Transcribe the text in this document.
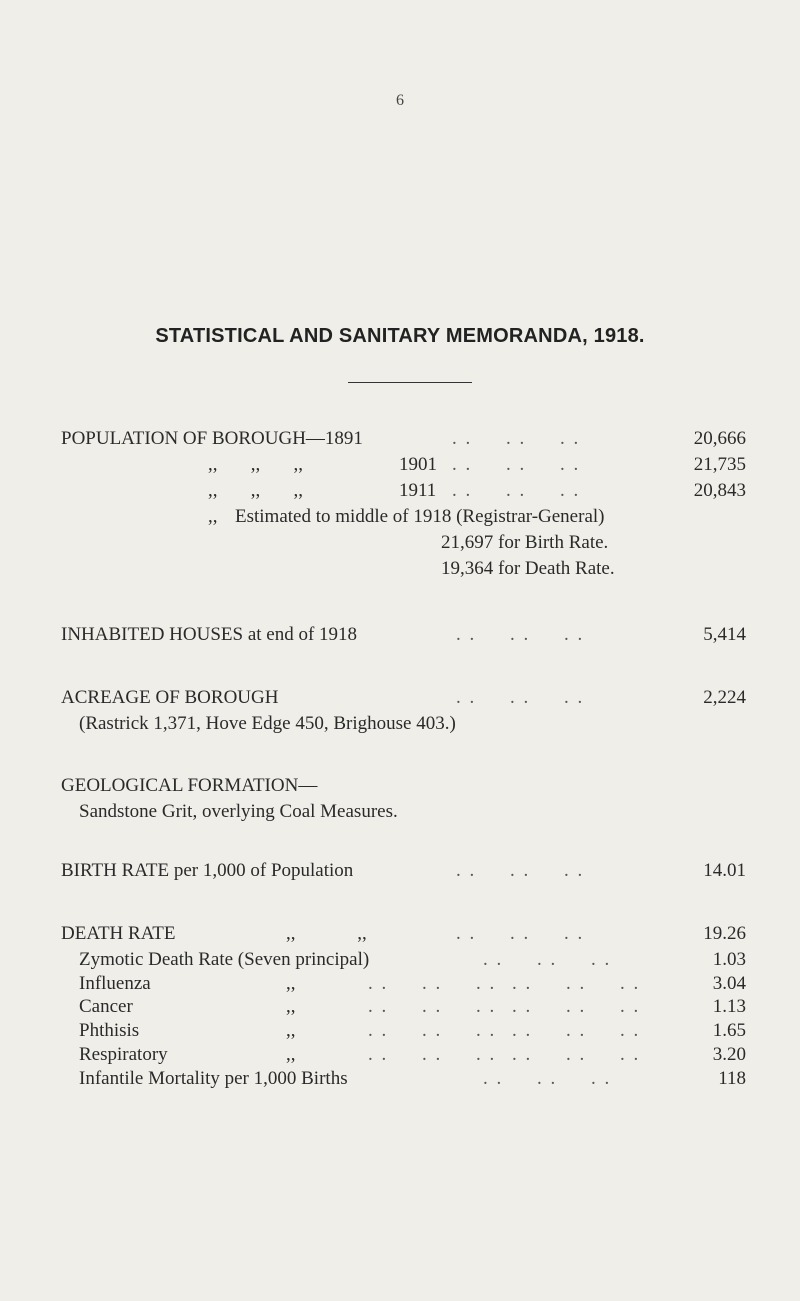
6
STATISTICAL AND SANITARY MEMORANDA, 1918.
POPULATION OF BOROUGH—1891	. .     . .     . .	20,666
,,       ,,       ,,	1901 . .     . .     . .	21,735
,,       ,,       ,,	1911 . .     . .     . .	20,843
,, Estimated to middle of 1918 (Registrar-General)
21,697 for Birth Rate.
19,364 for Death Rate.
INHABITED HOUSES at end of 1918	. .     . .     . .	5,414
ACREAGE OF BOROUGH	. .     . .     . .	2,224
(Rastrick 1,371, Hove Edge 450, Brighouse 403.)
GEOLOGICAL FORMATION—
Sandstone Grit, overlying Coal Measures.
BIRTH RATE per 1,000 of Population	. .     . .     . .	14.01
DEATH RATE	,,             ,,	. .     . .     . .	19.26
Zymotic Death Rate (Seven principal)	. .     . .     . .	1.03
Influenza	,,	. .     . .     . . . .     . .     . .	3.04
Cancer	,,	. .     . .     . . . .     . .     . .	1.13
Phthisis	,,	. .     . .     . . . .     . .     . .	1.65
Respiratory	,,	. .     . .     . . . .     . .     . .	3.20
Infantile Mortality per 1,000 Births	. .     . .     . .	118
